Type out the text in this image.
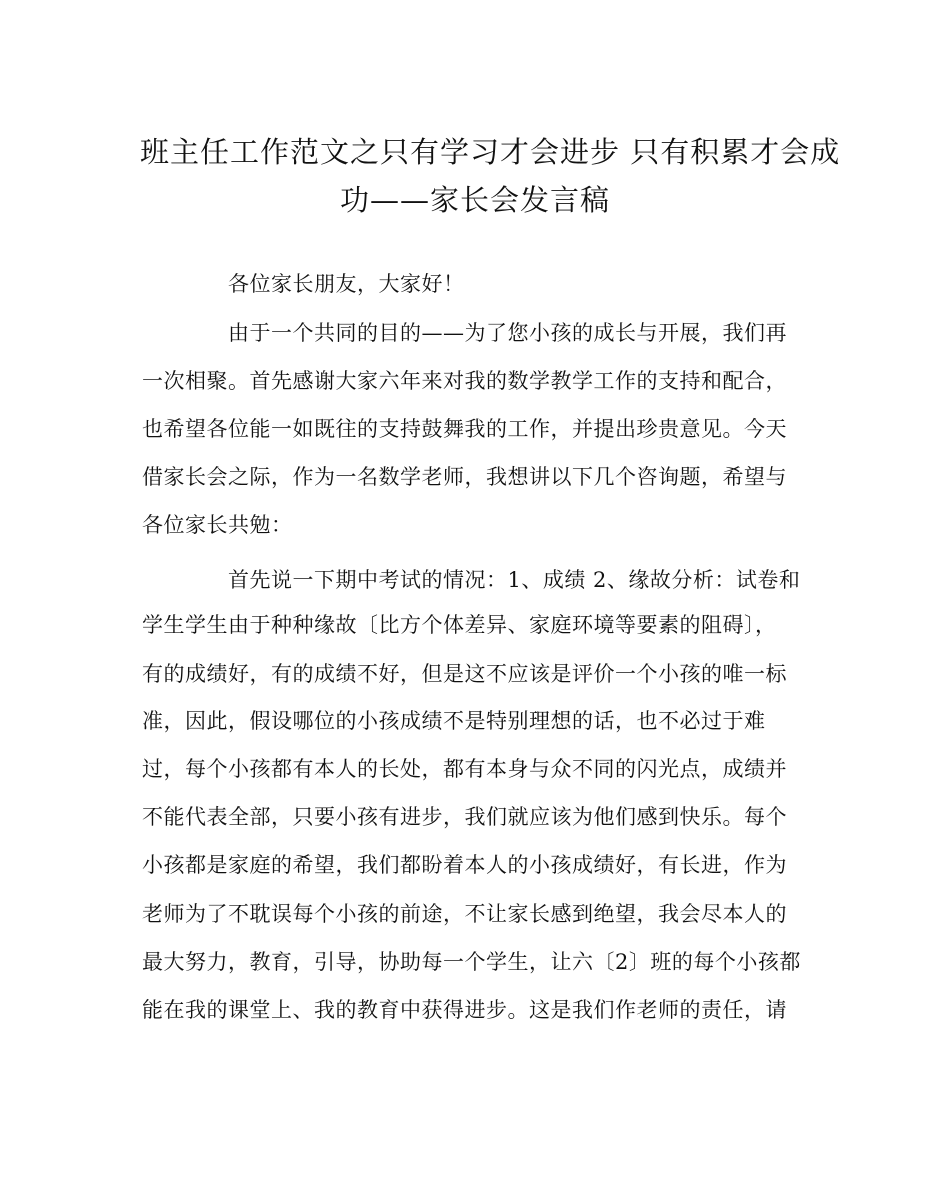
班主任工作范文之只有学习才会进步 只有积累才会成
功——家长会发言稿
各位家长朋友，大家好！
由于一个共同的目的——为了您小孩的成长与开展，我们再
一次相聚。首先感谢大家六年来对我的数学教学工作的支持和配合，
也希望各位能一如既往的支持鼓舞我的工作，并提出珍贵意见。今天
借家长会之际，作为一名数学老师，我想讲以下几个咨询题，希望与
各位家长共勉：
首先说一下期中考试的情况：1、成绩 2、缘故分析：试卷和
学生学生由于种种缘故〔比方个体差异、家庭环境等要素的阻碍〕，
有的成绩好，有的成绩不好，但是这不应该是评价一个小孩的唯一标
准，因此，假设哪位的小孩成绩不是特别理想的话，也不必过于难
过，每个小孩都有本人的长处，都有本身与众不同的闪光点，成绩并
不能代表全部，只要小孩有进步，我们就应该为他们感到快乐。每个
小孩都是家庭的希望，我们都盼着本人的小孩成绩好，有长进，作为
老师为了不耽误每个小孩的前途，不让家长感到绝望，我会尽本人的
最大努力，教育，引导，协助每一个学生，让六〔2〕班的每个小孩都
能在我的课堂上、我的教育中获得进步。这是我们作老师的责任，请
